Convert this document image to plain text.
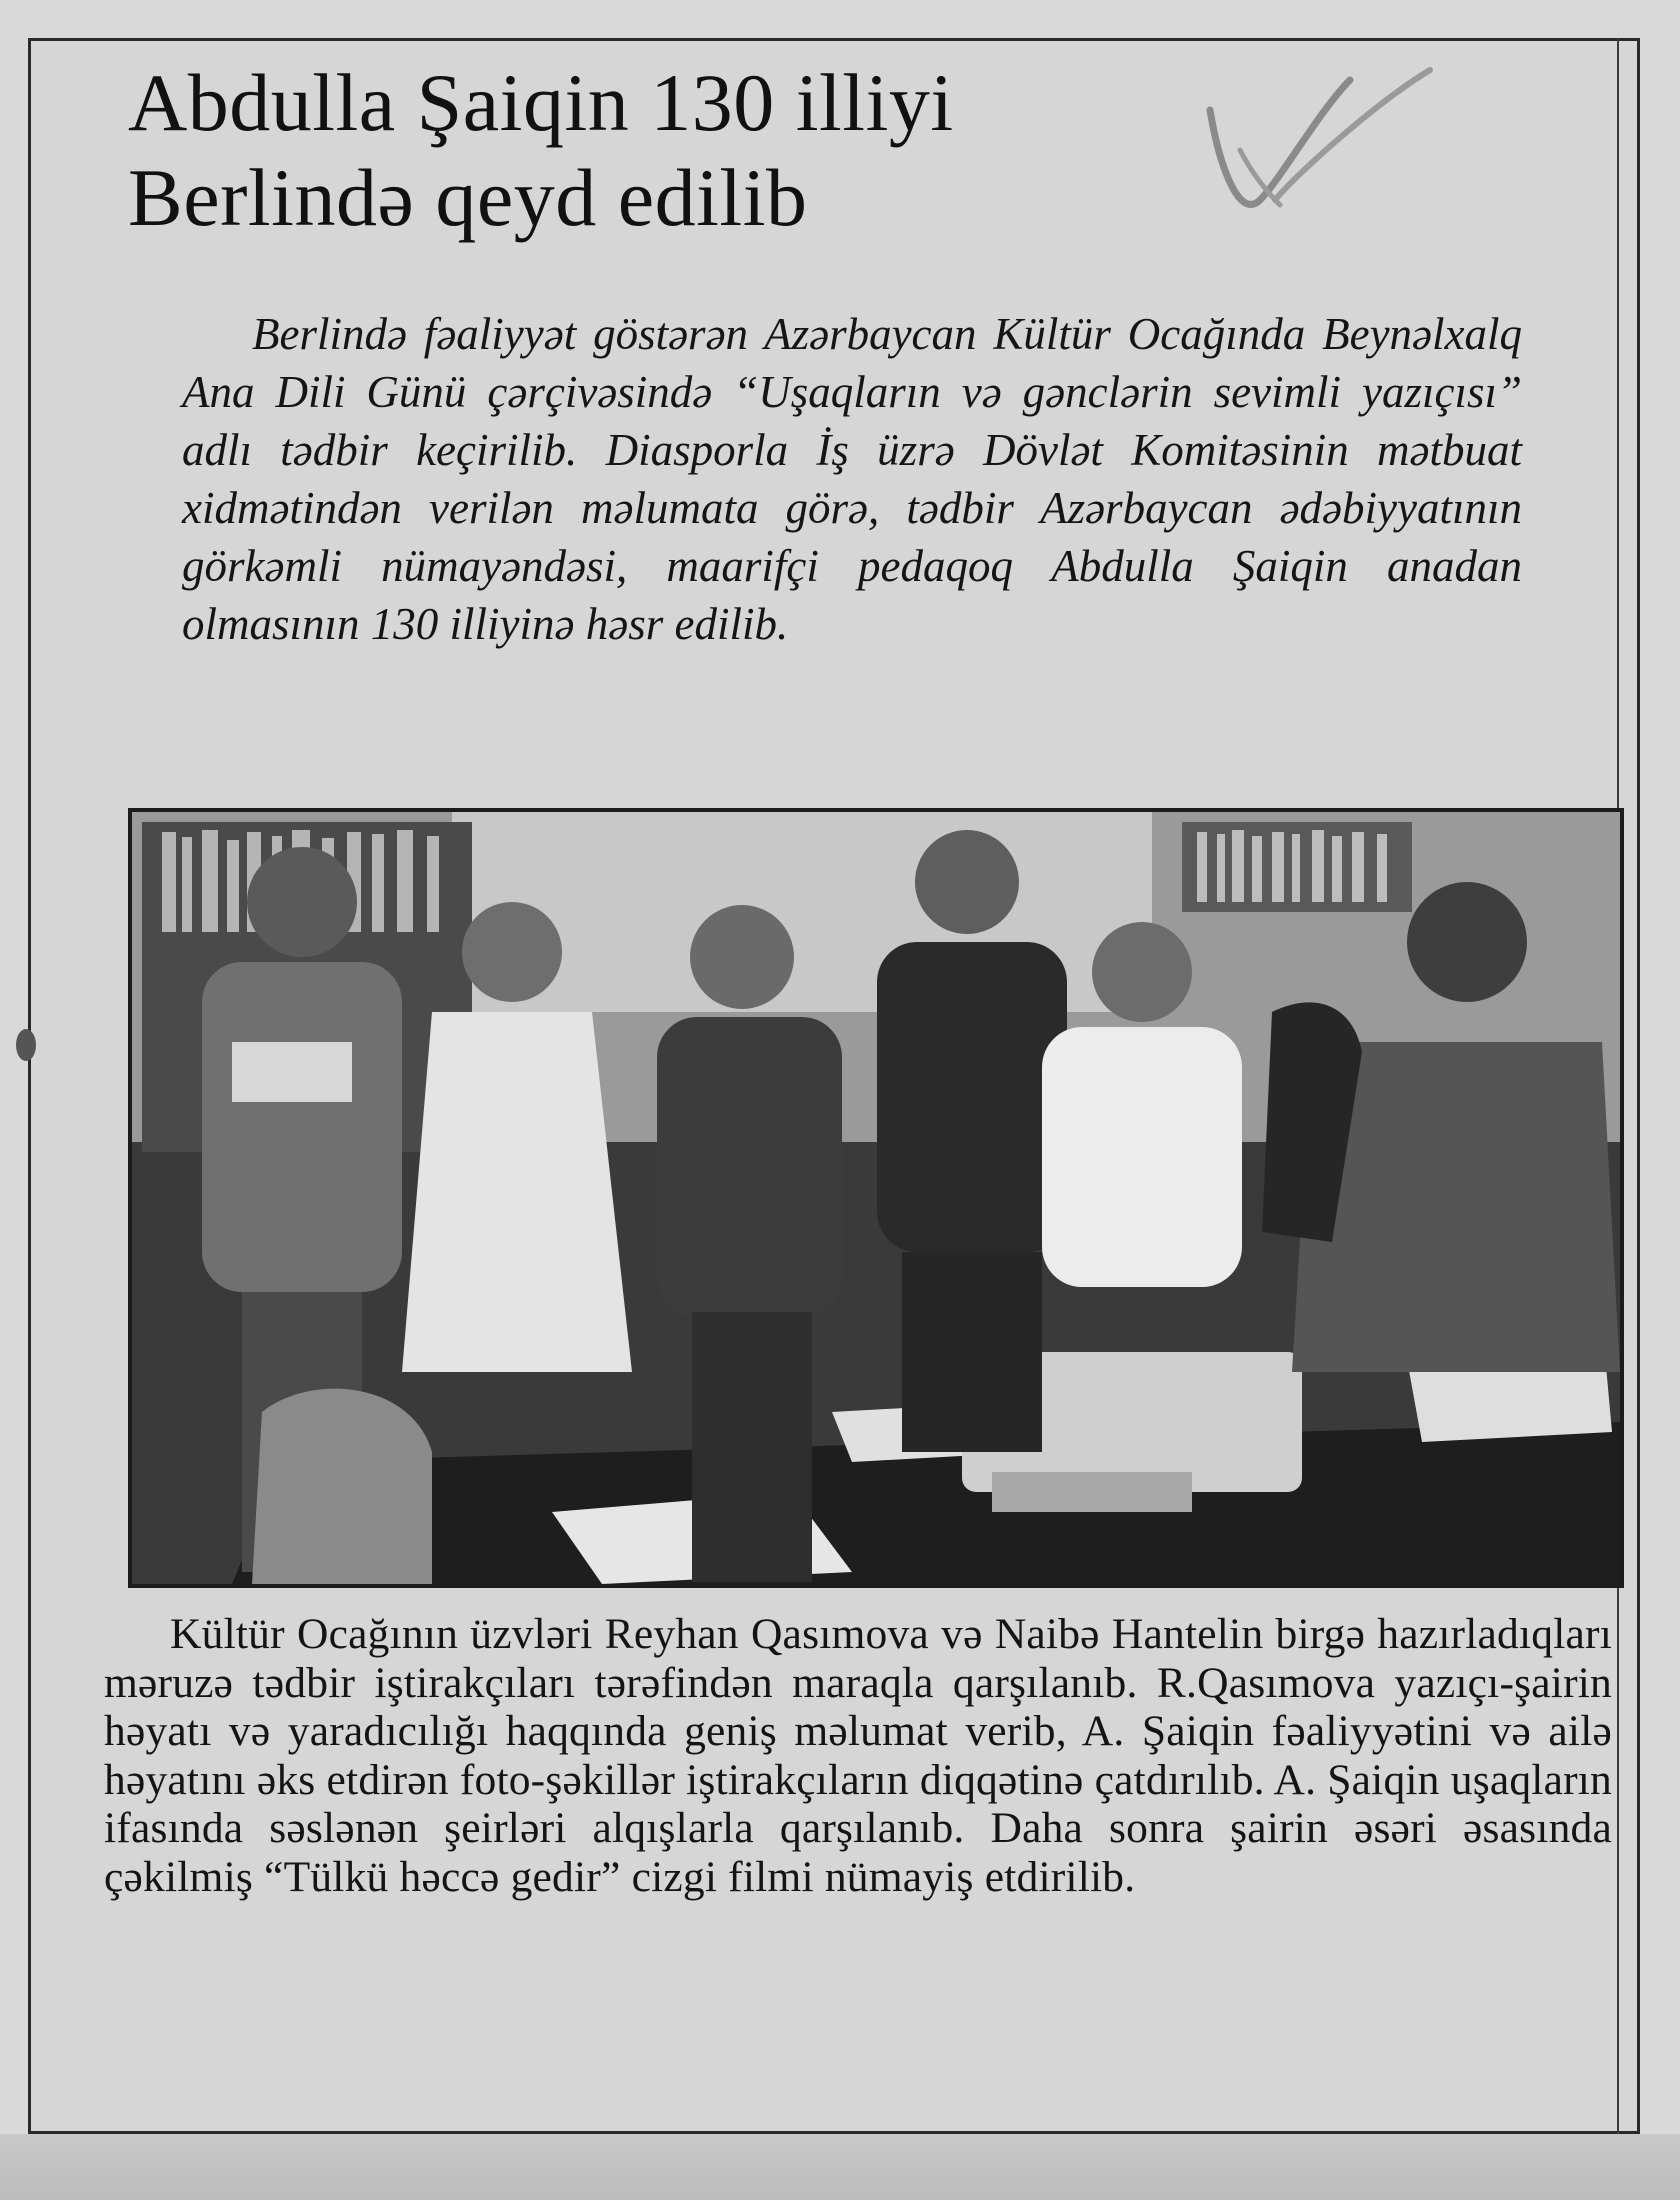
Abdulla Şaiqin 130 illiyi
Berlində qeyd edilib

Berlində fəaliyyət göstərən Azərbaycan Kültür Ocağında Beynəlxalq Ana Dili Günü çərçivəsində “Uşaqların və gənclərin sevimli yazıçısı” adlı tədbir keçirilib. Diasporla İş üzrə Dövlət Komitəsinin mətbuat xidmətindən verilən məlumata görə, tədbir Azərbaycan ədəbiyyatının görkəmli nümayəndəsi, maarifçi pedaqoq Abdulla Şaiqin anadan olmasının 130 illiyinə həsr edilib.

Kültür Ocağının üzvləri Reyhan Qasımova və Naibə Hantelin birgə hazırladıqları məruzə tədbir iştirakçıları tərəfindən maraqla qarşılanıb. R.Qasımova yazıçı-şairin həyatı və yaradıcılığı haqqında geniş məlumat verib, A. Şaiqin fəaliyyətini və ailə həyatını əks etdirən foto-şəkillər iştirakçıların diqqətinə çatdırılıb. A. Şaiqin uşaqların ifasında səslənən şeirləri alqışlarla qarşılanıb. Daha sonra şairin əsəri əsasında çəkilmiş “Tülkü həccə gedir” cizgi filmi nümayiş etdirilib.
